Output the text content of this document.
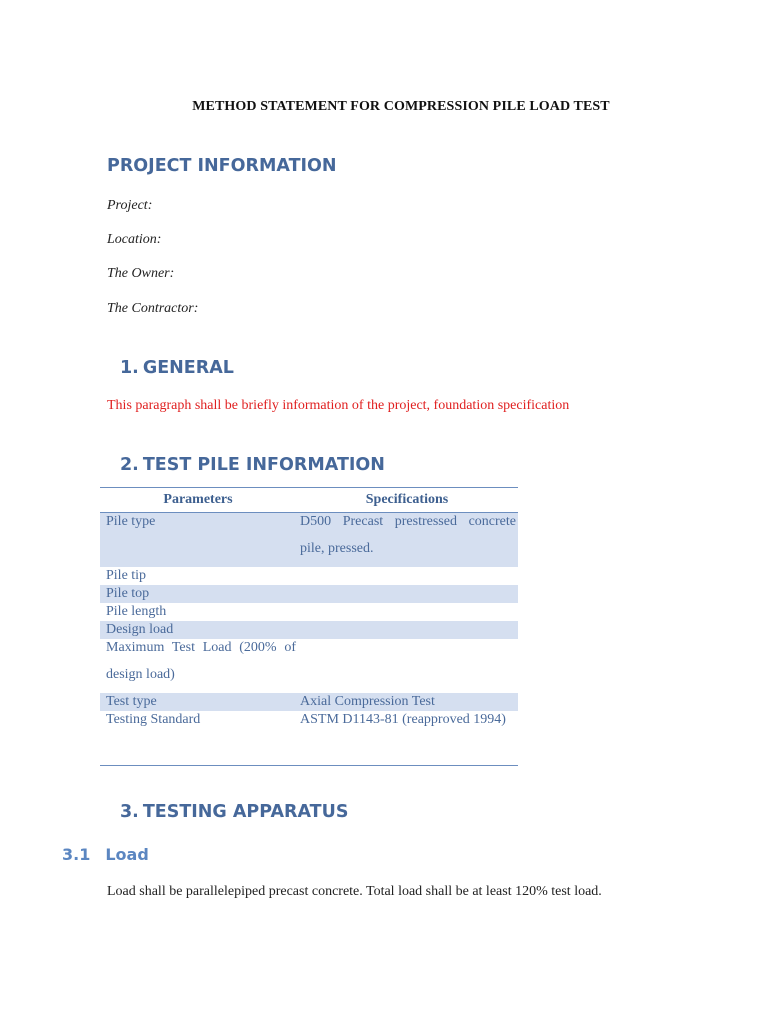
METHOD STATEMENT FOR COMPRESSION PILE LOAD TEST
PROJECT INFORMATION
Project:
Location:
The Owner:
The Contractor:
1. GENERAL
This paragraph shall be briefly information of the project, foundation specification
2. TEST PILE INFORMATION
Parameters	Specifications
Pile type	D500 Precast prestressed concrete pile, pressed.
Pile tip
Pile top
Pile length
Design load
Maximum Test Load (200% of design load)
Test type	Axial Compression Test
Testing Standard	ASTM D1143-81 (reapproved 1994)
3. TESTING APPARATUS
3.1 Load
Load shall be parallelepiped precast concrete. Total load shall be at least 120% test load.
